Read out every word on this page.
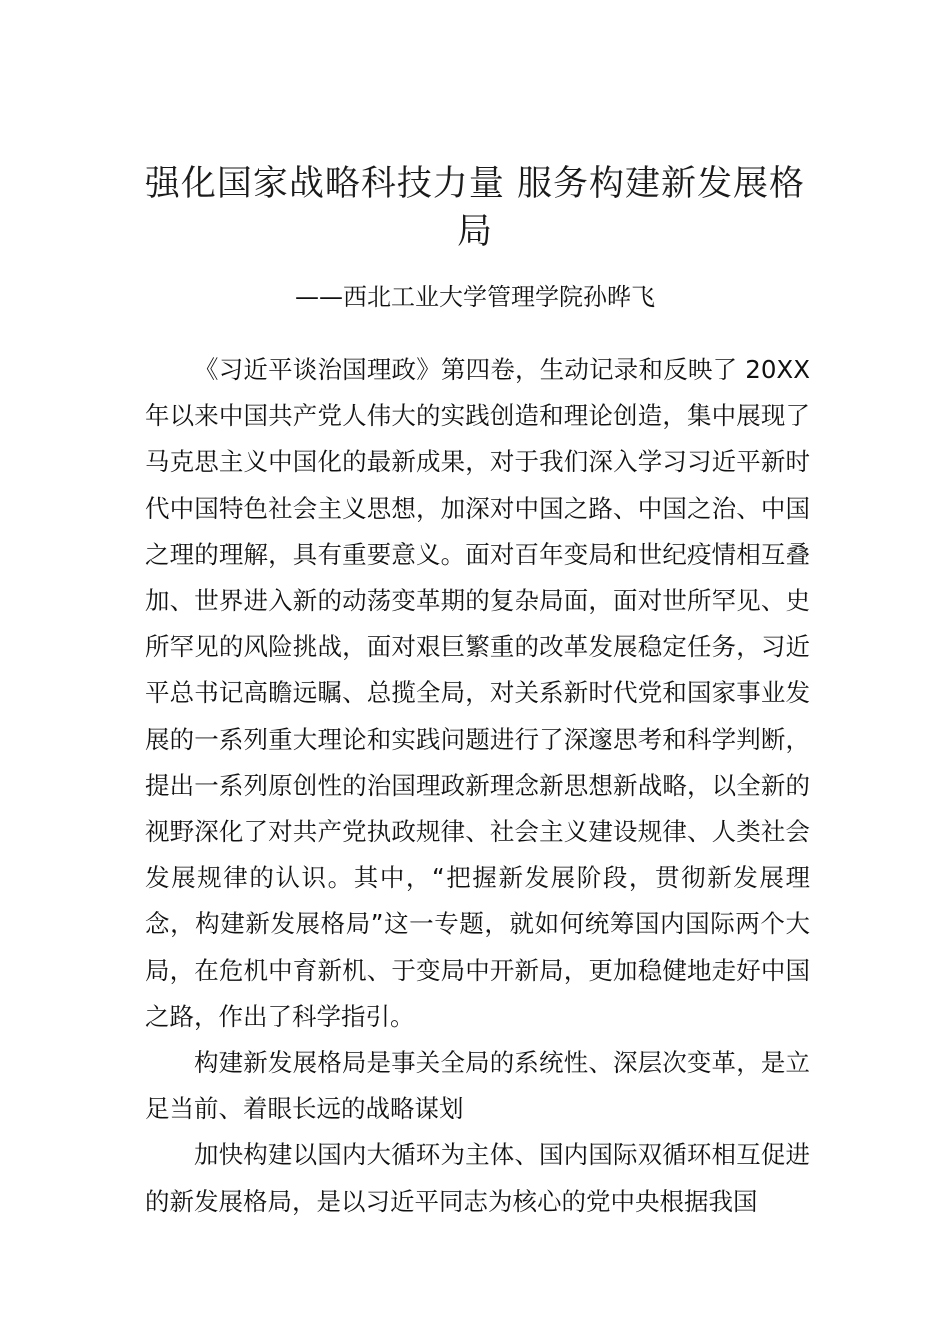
强化国家战略科技力量 服务构建新发展格
局
——西北工业大学管理学院孙晔飞

《习近平谈治国理政》第四卷，生动记录和反映了 20XX 年以来中国共产党人伟大的实践创造和理论创造，集中展现了马克思主义中国化的最新成果，对于我们深入学习习近平新时代中国特色社会主义思想，加深对中国之路、中国之治、中国之理的理解，具有重要意义。面对百年变局和世纪疫情相互叠加、世界进入新的动荡变革期的复杂局面，面对世所罕见、史所罕见的风险挑战，面对艰巨繁重的改革发展稳定任务，习近平总书记高瞻远瞩、总揽全局，对关系新时代党和国家事业发展的一系列重大理论和实践问题进行了深邃思考和科学判断，提出一系列原创性的治国理政新理念新思想新战略，以全新的视野深化了对共产党执政规律、社会主义建设规律、人类社会发展规律的认识。其中，“把握新发展阶段，贯彻新发展理念，构建新发展格局”这一专题，就如何统筹国内国际两个大局，在危机中育新机、于变局中开新局，更加稳健地走好中国之路，作出了科学指引。

构建新发展格局是事关全局的系统性、深层次变革，是立足当前、着眼长远的战略谋划

加快构建以国内大循环为主体、国内国际双循环相互促进的新发展格局，是以习近平同志为核心的党中央根据我国
